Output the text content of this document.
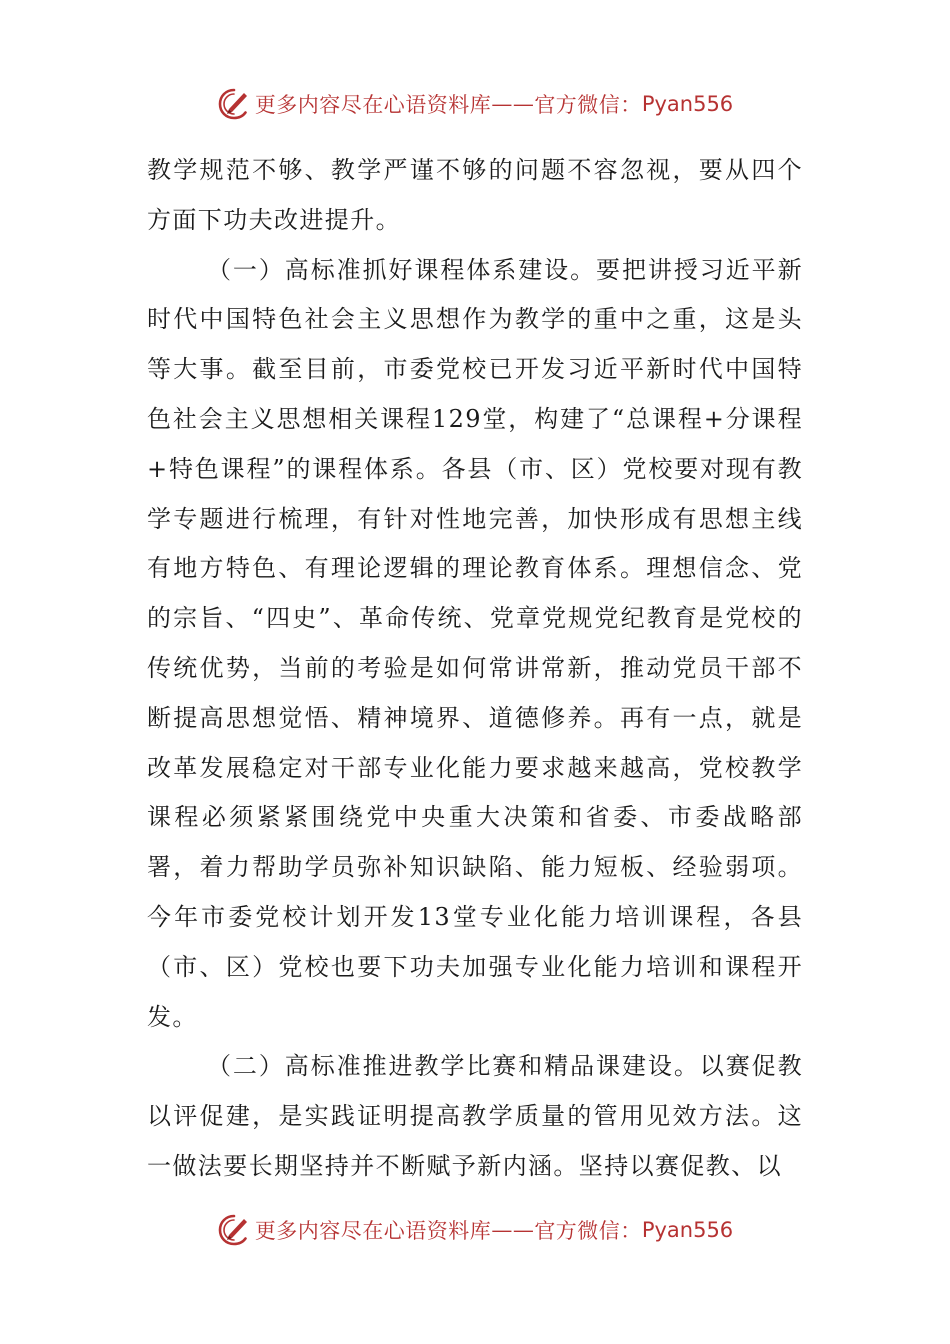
更多内容尽在心语资料库 —— 官方微信： Pyan556

教学规范不够、教学严谨不够的问题不容忽视，要从四个方面下功夫改进提升。

（一）高标准抓好课程体系建设。要把讲授习近平新时代中国特色社会主义思想作为教学的重中之重，这是头等大事。截至目前，市委党校已开发习近平新时代中国特色社会主义思想相关课程129堂，构建了“总课程+分课程+特色课程”的课程体系。各县（市、区）党校要对现有教学专题进行梳理，有针对性地完善，加快形成有思想主线有地方特色、有理论逻辑的理论教育体系。理想信念、党的宗旨、“四史”、革命传统、党章党规党纪教育是党校的传统优势，当前的考验是如何常讲常新，推动党员干部不断提高思想觉悟、精神境界、道德修养。再有一点，就是改革发展稳定对干部专业化能力要求越来越高，党校教学课程必须紧紧围绕党中央重大决策和省委、市委战略部署，着力帮助学员弥补知识缺陷、能力短板、经验弱项。今年市委党校计划开发13堂专业化能力培训课程，各县（市、区）党校也要下功夫加强专业化能力培训和课程开发。

（二）高标准推进教学比赛和精品课建设。以赛促教以评促建，是实践证明提高教学质量的管用见效方法。这一做法要长期坚持并不断赋予新内涵。坚持以赛促教、以

更多内容尽在心语资料库 —— 官方微信： Pyan556
